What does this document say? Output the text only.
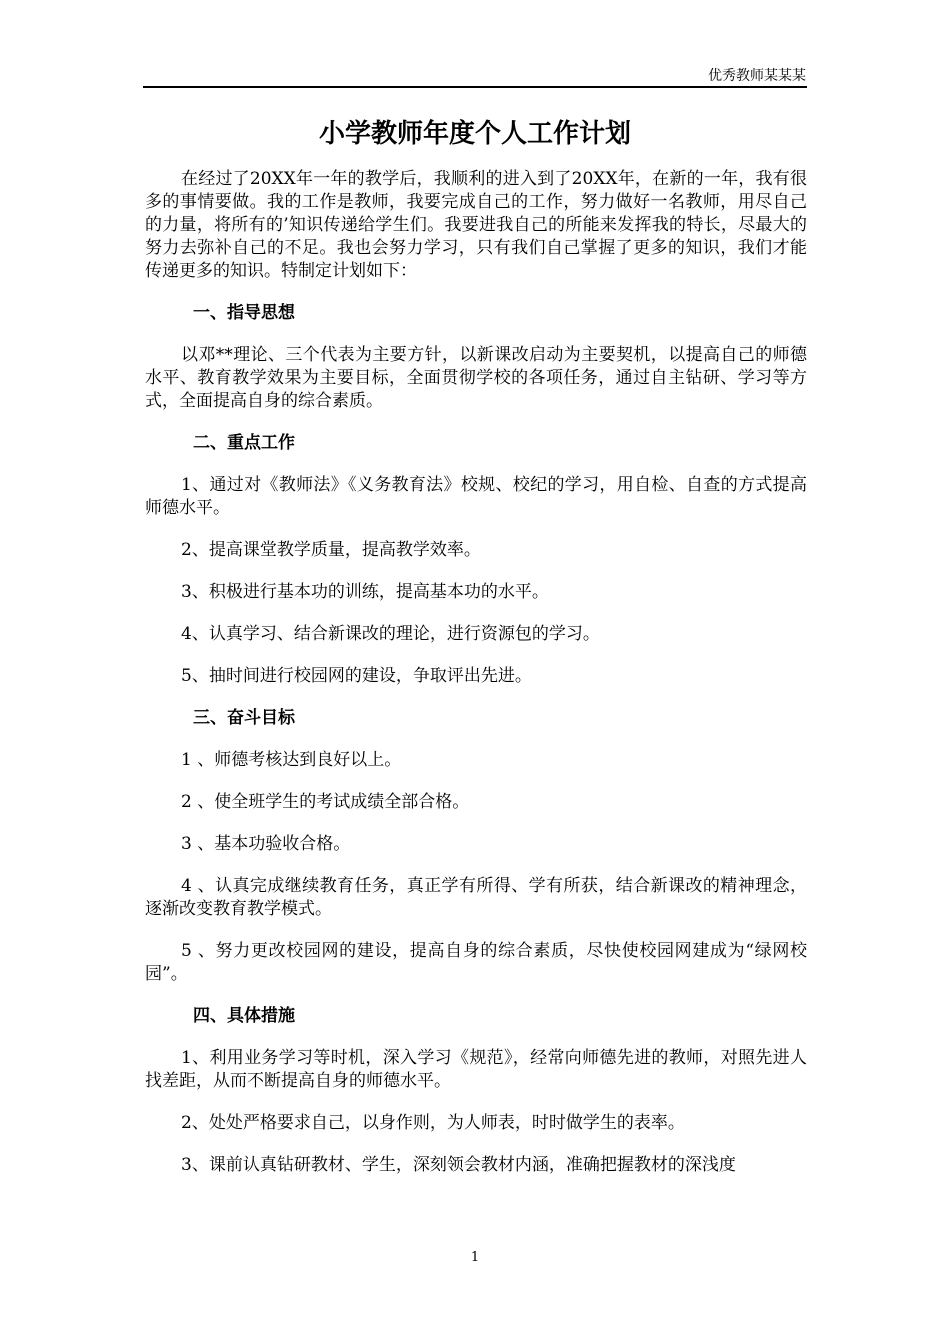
优秀教师某某某
小学教师年度个人工作计划

在经过了20XX年一年的教学后，我顺利的进入到了20XX年，在新的一年，我有很多的事情要做。我的工作是教师，我要完成自己的工作，努力做好一名教师，用尽自己的力量，将所有的’知识传递给学生们。我要进我自己的所能来发挥我的特长，尽最大的努力去弥补自己的不足。我也会努力学习，只有我们自己掌握了更多的知识，我们才能传递更多的知识。特制定计划如下：

一、指导思想

以邓**理论、三个代表为主要方针，以新课改启动为主要契机，以提高自己的师德水平、教育教学效果为主要目标，全面贯彻学校的各项任务，通过自主钻研、学习等方式，全面提高自身的综合素质。

二、重点工作

1、通过对《教师法》《义务教育法》校规、校纪的学习，用自检、自查的方式提高师德水平。

2、提高课堂教学质量，提高教学效率。

3、积极进行基本功的训练，提高基本功的水平。

4、认真学习、结合新课改的理论，进行资源包的学习。

5、抽时间进行校园网的建设，争取评出先进。

三、奋斗目标

1 、师德考核达到良好以上。

2 、使全班学生的考试成绩全部合格。

3 、基本功验收合格。

4 、认真完成继续教育任务，真正学有所得、学有所获，结合新课改的精神理念，逐渐改变教育教学模式。

5 、努力更改校园网的建设，提高自身的综合素质，尽快使校园网建成为“绿网校园”。

四、具体措施

1、利用业务学习等时机，深入学习《规范》，经常向师德先进的教师，对照先进人找差距，从而不断提高自身的师德水平。

2、处处严格要求自己，以身作则，为人师表，时时做学生的表率。

3、课前认真钻研教材、学生，深刻领会教材内涵，准确把握教材的深浅度

1
